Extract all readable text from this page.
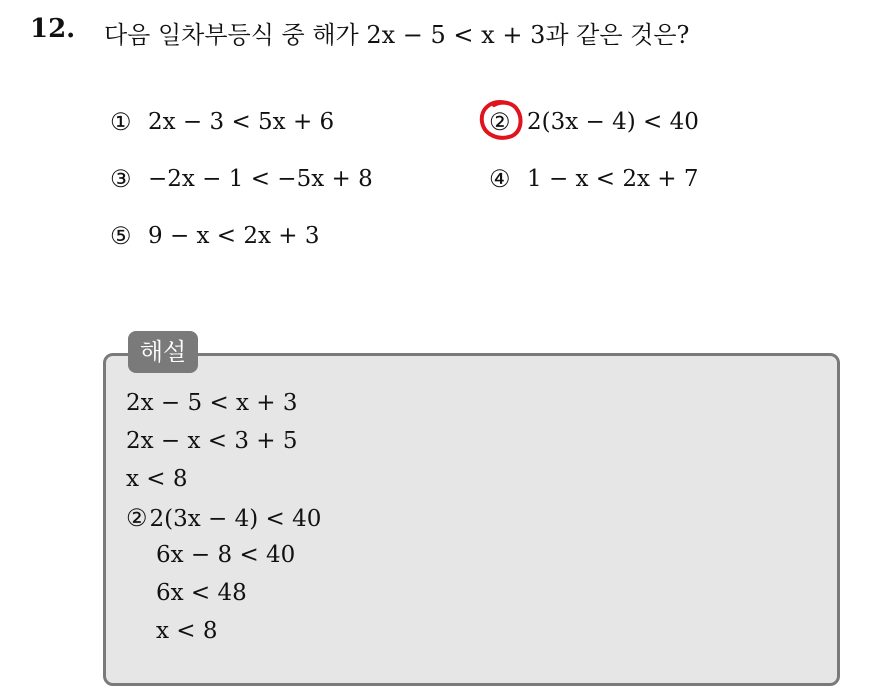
12. 다음 일차부등식 중 해가 2x − 5 < x + 3과 같은 것은?
① 2x − 3 < 5x + 6	② 2(3x − 4) < 40
③ −2x − 1 < −5x + 8	④ 1 − x < 2x + 7
⑤ 9 − x < 2x + 3
해설
2x − 5 < x + 3
2x − x < 3 + 5
x < 8
②2(3x − 4) < 40
6x − 8 < 40
6x < 48
x < 8
